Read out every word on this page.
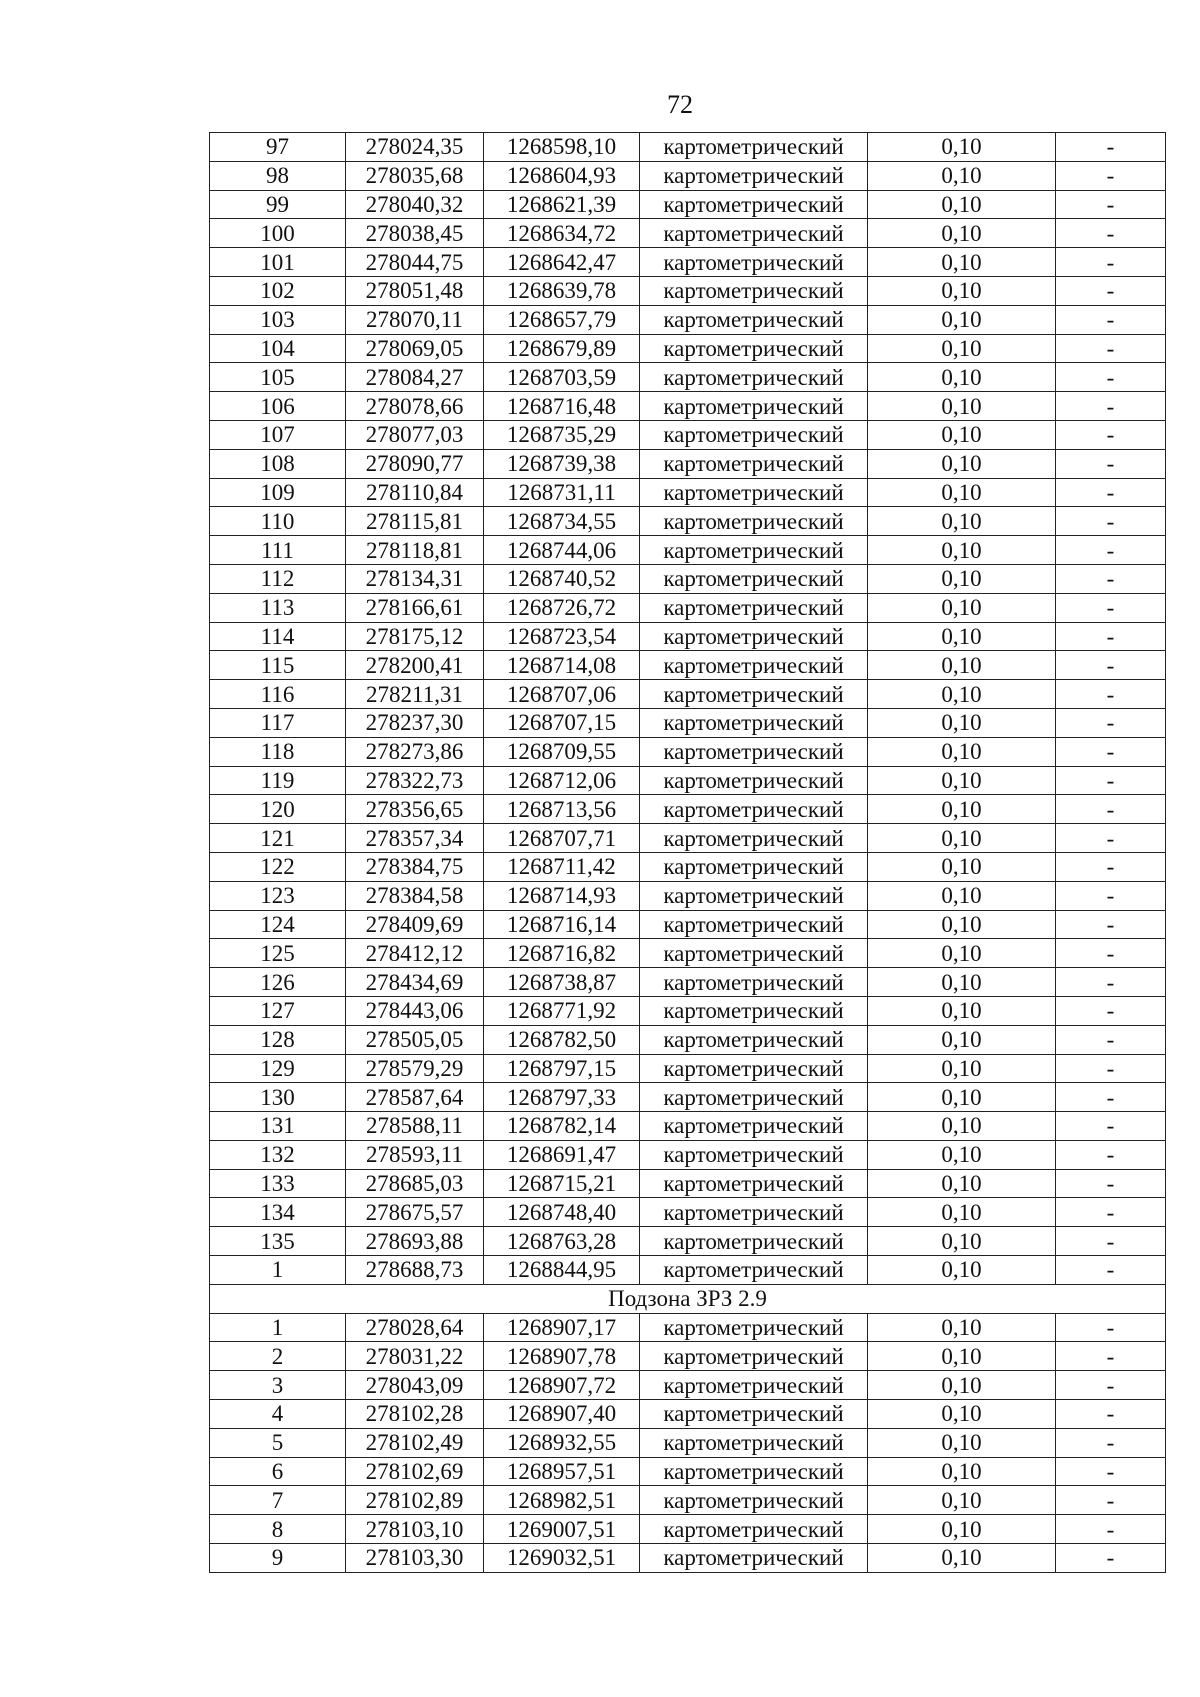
72
97	278024,35	1268598,10	картометрический	0,10	-
98	278035,68	1268604,93	картометрический	0,10	-
99	278040,32	1268621,39	картометрический	0,10	-
100	278038,45	1268634,72	картометрический	0,10	-
101	278044,75	1268642,47	картометрический	0,10	-
102	278051,48	1268639,78	картометрический	0,10	-
103	278070,11	1268657,79	картометрический	0,10	-
104	278069,05	1268679,89	картометрический	0,10	-
105	278084,27	1268703,59	картометрический	0,10	-
106	278078,66	1268716,48	картометрический	0,10	-
107	278077,03	1268735,29	картометрический	0,10	-
108	278090,77	1268739,38	картометрический	0,10	-
109	278110,84	1268731,11	картометрический	0,10	-
110	278115,81	1268734,55	картометрический	0,10	-
111	278118,81	1268744,06	картометрический	0,10	-
112	278134,31	1268740,52	картометрический	0,10	-
113	278166,61	1268726,72	картометрический	0,10	-
114	278175,12	1268723,54	картометрический	0,10	-
115	278200,41	1268714,08	картометрический	0,10	-
116	278211,31	1268707,06	картометрический	0,10	-
117	278237,30	1268707,15	картометрический	0,10	-
118	278273,86	1268709,55	картометрический	0,10	-
119	278322,73	1268712,06	картометрический	0,10	-
120	278356,65	1268713,56	картометрический	0,10	-
121	278357,34	1268707,71	картометрический	0,10	-
122	278384,75	1268711,42	картометрический	0,10	-
123	278384,58	1268714,93	картометрический	0,10	-
124	278409,69	1268716,14	картометрический	0,10	-
125	278412,12	1268716,82	картометрический	0,10	-
126	278434,69	1268738,87	картометрический	0,10	-
127	278443,06	1268771,92	картометрический	0,10	-
128	278505,05	1268782,50	картометрический	0,10	-
129	278579,29	1268797,15	картометрический	0,10	-
130	278587,64	1268797,33	картометрический	0,10	-
131	278588,11	1268782,14	картометрический	0,10	-
132	278593,11	1268691,47	картометрический	0,10	-
133	278685,03	1268715,21	картометрический	0,10	-
134	278675,57	1268748,40	картометрический	0,10	-
135	278693,88	1268763,28	картометрический	0,10	-
1	278688,73	1268844,95	картометрический	0,10	-
Подзона ЗРЗ 2.9					
1	278028,64	1268907,17	картометрический	0,10	-
2	278031,22	1268907,78	картометрический	0,10	-
3	278043,09	1268907,72	картометрический	0,10	-
4	278102,28	1268907,40	картометрический	0,10	-
5	278102,49	1268932,55	картометрический	0,10	-
6	278102,69	1268957,51	картометрический	0,10	-
7	278102,89	1268982,51	картометрический	0,10	-
8	278103,10	1269007,51	картометрический	0,10	-
9	278103,30	1269032,51	картометрический	0,10	-
